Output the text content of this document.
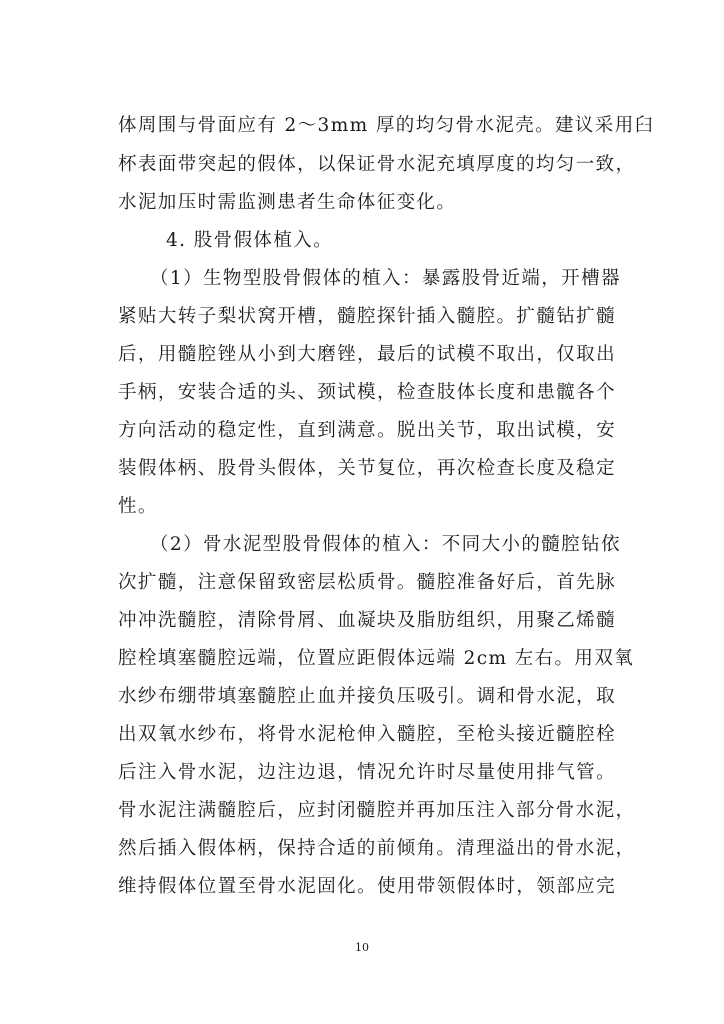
体周围与骨面应有 2～3mm 厚的均匀骨水泥壳。建议采用臼
杯表面带突起的假体，以保证骨水泥充填厚度的均匀一致，
水泥加压时需监测患者生命体征变化。
4. 股骨假体植入。
（1）生物型股骨假体的植入：暴露股骨近端，开槽器
紧贴大转子梨状窝开槽，髓腔探针插入髓腔。扩髓钻扩髓
后，用髓腔锉从小到大磨锉，最后的试模不取出，仅取出
手柄，安装合适的头、颈试模，检查肢体长度和患髋各个
方向活动的稳定性，直到满意。脱出关节，取出试模，安
装假体柄、股骨头假体，关节复位，再次检查长度及稳定
性。
（2）骨水泥型股骨假体的植入：不同大小的髓腔钻依
次扩髓，注意保留致密层松质骨。髓腔准备好后，首先脉
冲冲洗髓腔，清除骨屑、血凝块及脂肪组织，用聚乙烯髓
腔栓填塞髓腔远端，位置应距假体远端 2cm 左右。用双氧
水纱布绷带填塞髓腔止血并接负压吸引。调和骨水泥，取
出双氧水纱布，将骨水泥枪伸入髓腔，至枪头接近髓腔栓
后注入骨水泥，边注边退，情况允许时尽量使用排气管。
骨水泥注满髓腔后，应封闭髓腔并再加压注入部分骨水泥，
然后插入假体柄，保持合适的前倾角。清理溢出的骨水泥，
维持假体位置至骨水泥固化。使用带领假体时，领部应完
10
